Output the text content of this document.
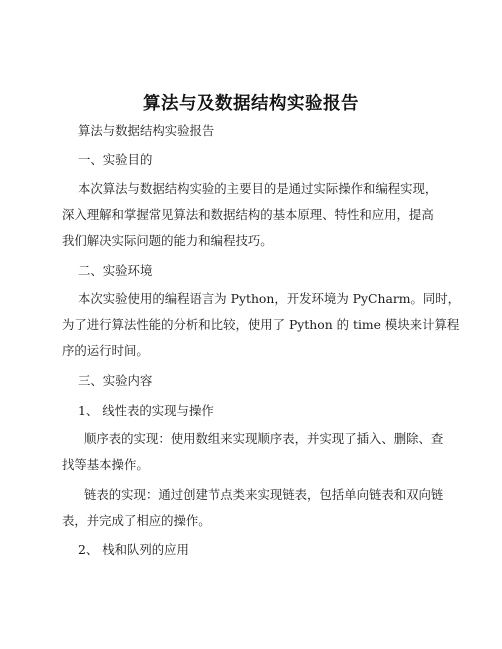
算法与及数据结构实验报告
算法与数据结构实验报告
一、实验目的
本次算法与数据结构实验的主要目的是通过实际操作和编程实现，
深入理解和掌握常见算法和数据结构的基本原理、特性和应用，提高
我们解决实际问题的能力和编程技巧。
二、实验环境
本次实验使用的编程语言为 Python，开发环境为 PyCharm。同时，
为了进行算法性能的分析和比较，使用了 Python 的 time 模块来计算程
序的运行时间。
三、实验内容
1、 线性表的实现与操作
顺序表的实现：使用数组来实现顺序表，并实现了插入、删除、查
找等基本操作。
链表的实现：通过创建节点类来实现链表，包括单向链表和双向链
表，并完成了相应的操作。
2、 栈和队列的应用
